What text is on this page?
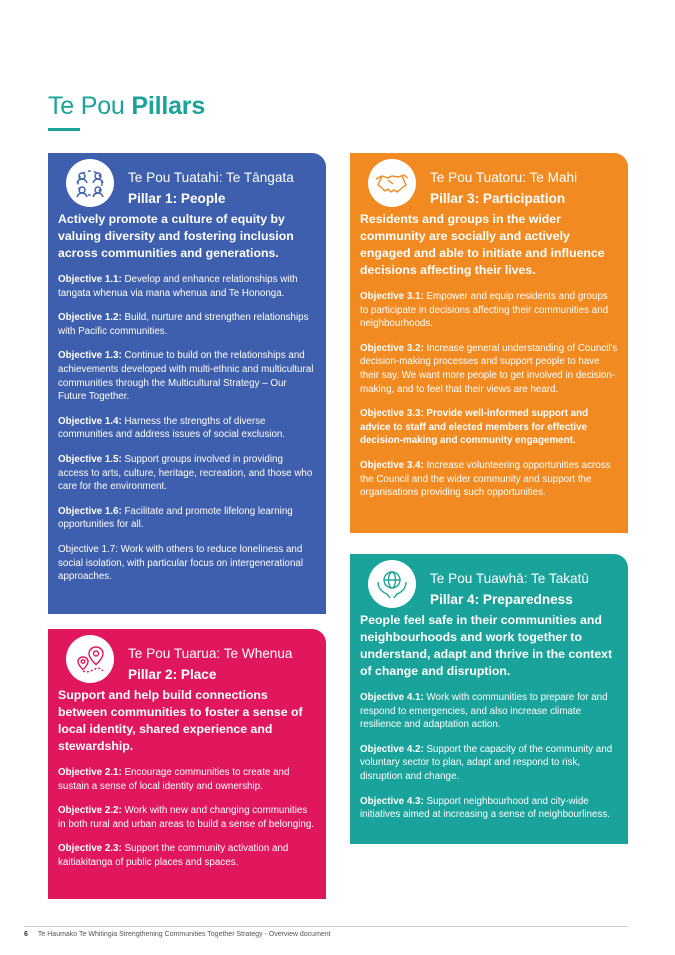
Te Pou Pillars
Te Pou Tuatahi: Te Tāngata
Pillar 1: People

Actively promote a culture of equity by valuing diversity and fostering inclusion across communities and generations.

Objective 1.1: Develop and enhance relationships with tangata whenua via mana whenua and Te Hononga.

Objective 1.2: Build, nurture and strengthen relationships with Pacific communities.

Objective 1.3: Continue to build on the relationships and achievements developed with multi-ethnic and multicultural communities through the Multicultural Strategy – Our Future Together.

Objective 1.4: Harness the strengths of diverse communities and address issues of social exclusion.

Objective 1.5: Support groups involved in providing access to arts, culture, heritage, recreation, and those who care for the environment.

Objective 1.6: Facilitate and promote lifelong learning opportunities for all.

Objective 1.7: Work with others to reduce loneliness and social isolation, with particular focus on intergenerational approaches.

Te Pou Tuarua: Te Whenua
Pillar 2: Place

Support and help build connections between communities to foster a sense of local identity, shared experience and stewardship.

Objective 2.1: Encourage communities to create and sustain a sense of local identity and ownership.

Objective 2.2: Work with new and changing communities in both rural and urban areas to build a sense of belonging.

Objective 2.3: Support the community activation and kaitiakitanga of public places and spaces.

Te Pou Tuatoru: Te Mahi
Pillar 3: Participation

Residents and groups in the wider community are socially and actively engaged and able to initiate and influence decisions affecting their lives.

Objective 3.1: Empower and equip residents and groups to participate in decisions affecting their communities and neighbourhoods.

Objective 3.2: Increase general understanding of Council's decision-making processes and support people to have their say. We want more people to get involved in decision-making, and to feel that their views are heard.

Objective 3.3: Provide well-informed support and advice to staff and elected members for effective decision-making and community engagement.

Objective 3.4: Increase volunteering opportunities across the Council and the wider community and support the organisations providing such opportunities.

Te Pou Tuawhā: Te Takatū
Pillar 4: Preparedness

People feel safe in their communities and neighbourhoods and work together to understand, adapt and thrive in the context of change and disruption.

Objective 4.1: Work with communities to prepare for and respond to emergencies, and also increase climate resilience and adaptation action.

Objective 4.2: Support the capacity of the community and voluntary sector to plan, adapt and respond to risk, disruption and change.

Objective 4.3: Support neighbourhood and city-wide initiatives aimed at increasing a sense of neighbourliness.

6 Te Haumako Te Whitingia Strengthening Communities Together Strategy - Overview document
